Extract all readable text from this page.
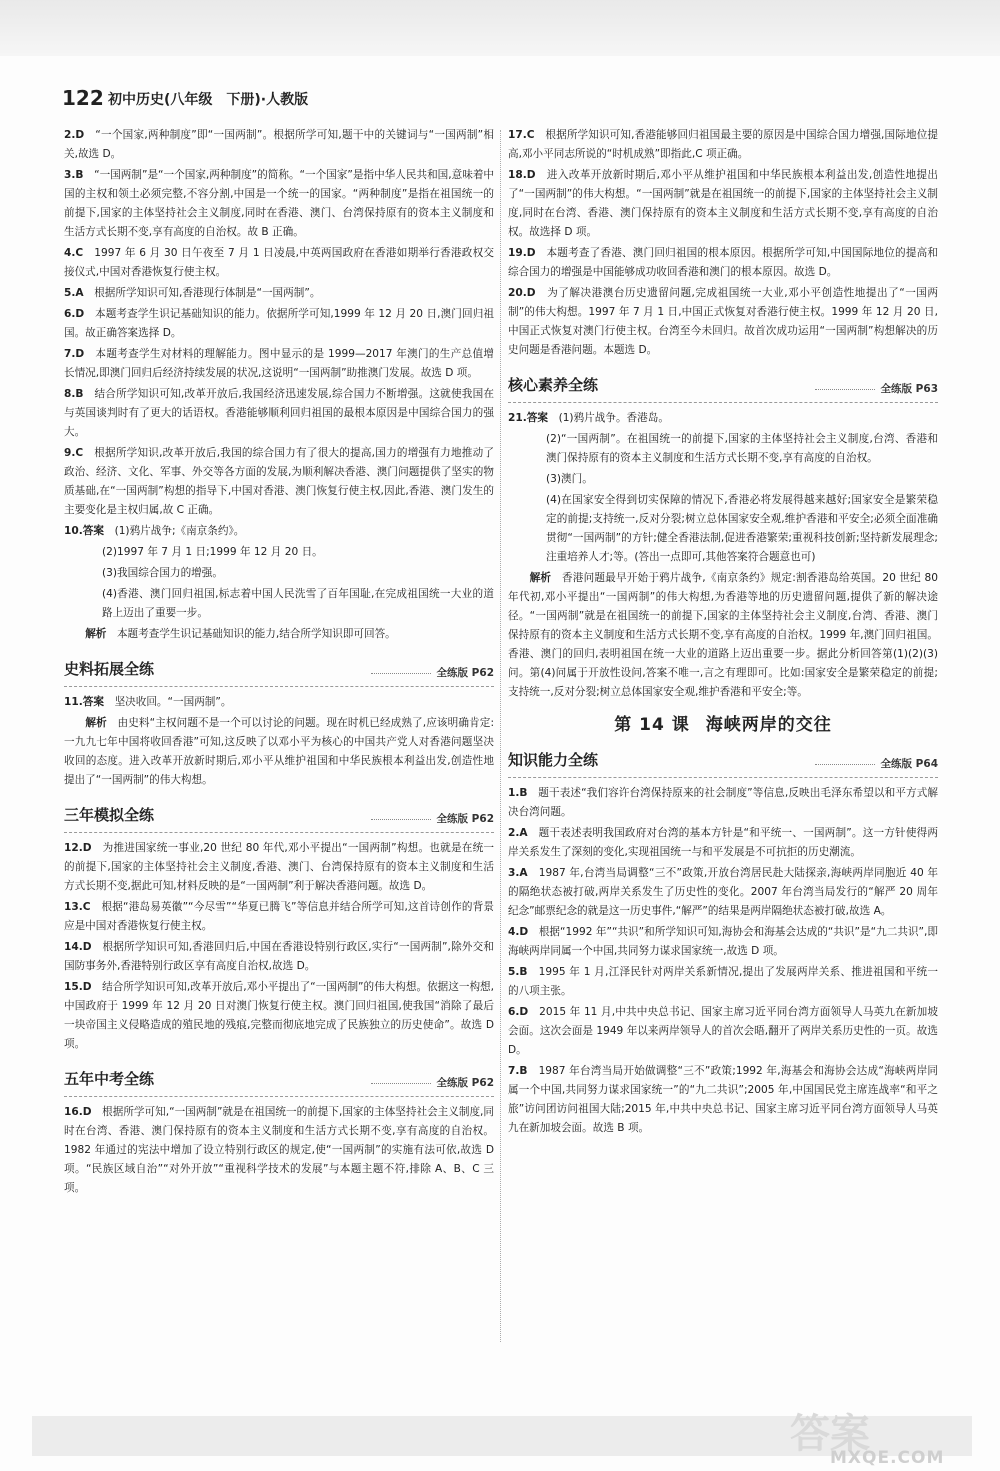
122 初中历史(八年级　下册)·人教版
2.D　 “一个国家,两种制度”即“一国两制”。根据所学可知,题干中的关键词与“一国两制”相关,故选 D。
3.B　 “一国两制”是“一个国家,两种制度”的简称。“一个国家”是指中华人民共和国,意味着中国的主权和领土必须完整,不容分割,中国是一个统一的国家。“两种制度”是指在祖国统一的前提下,国家的主体坚持社会主义制度,同时在香港、澳门、台湾保持原有的资本主义制度和生活方式长期不变,享有高度的自治权。故 B 正确。
4.C　 1997 年 6 月 30 日午夜至 7 月 1 日凌晨,中英两国政府在香港如期举行香港政权交接仪式,中国对香港恢复行使主权。
5.A　 根据所学知识可知,香港现行体制是“一国两制”。
6.D　 本题考查学生识记基础知识的能力。依据所学可知,1999 年 12 月 20 日,澳门回归祖国。故正确答案选择 D。
7.D　 本题考查学生对材料的理解能力。图中显示的是 1999—2017 年澳门的生产总值增长情况,即澳门回归后经济持续发展的状况,这说明“一国两制”助推澳门发展。故选 D 项。
8.B　 结合所学知识可知,改革开放后,我国经济迅速发展,综合国力不断增强。这就使我国在与英国谈判时有了更大的话语权。香港能够顺利回归祖国的最根本原因是中国综合国力的强大。
9.C　 根据所学知识,改革开放后,我国的综合国力有了很大的提高,国力的增强有力地推动了政治、经济、文化、军事、外交等各方面的发展,为顺利解决香港、澳门问题提供了坚实的物质基础,在“一国两制”构想的指导下,中国对香港、澳门恢复行使主权,因此,香港、澳门发生的主要变化是主权归属,故 C 正确。
10.答案　 (1)鸦片战争;《南京条约》。
(2)1997 年 7 月 1 日;1999 年 12 月 20 日。
(3)我国综合国力的增强。
(4)香港、澳门回归祖国,标志着中国人民洗雪了百年国耻,在完成祖国统一大业的道路上迈出了重要一步。
　　解析　 本题考查学生识记基础知识的能力,结合所学知识即可回答。
史料拓展全练	全练版 P62
11.答案　 坚决收回。“一国两制”。
　　解析　 由史料“主权问题不是一个可以讨论的问题。现在时机已经成熟了,应该明确肯定:一九九七年中国将收回香港”可知,这反映了以邓小平为核心的中国共产党人对香港问题坚决收回的态度。进入改革开放新时期后,邓小平从维护祖国和中华民族根本利益出发,创造性地提出了“一国两制”的伟大构想。
三年模拟全练	全练版 P62
12.D　 为推进国家统一事业,20 世纪 80 年代,邓小平提出“一国两制”构想。也就是在统一的前提下,国家的主体坚持社会主义制度,香港、澳门、台湾保持原有的资本主义制度和生活方式长期不变,据此可知,材料反映的是“一国两制”利于解决香港问题。故选 D。
13.C　 根据“港岛易英徽”“今尽雪”“华夏已腾飞”等信息并结合所学可知,这首诗创作的背景应是中国对香港恢复行使主权。
14.D　 根据所学知识可知,香港回归后,中国在香港设特别行政区,实行“一国两制”,除外交和国防事务外,香港特别行政区享有高度自治权,故选 D。
15.D　 结合所学知识可知,改革开放后,邓小平提出了“一国两制”的伟大构想。依据这一构想,中国政府于 1999 年 12 月 20 日对澳门恢复行使主权。澳门回归祖国,使我国“消除了最后一块帝国主义侵略造成的殖民地的残痕,完整而彻底地完成了民族独立的历史使命”。故选 D 项。
五年中考全练	全练版 P62
16.D　 根据所学可知,“一国两制”就是在祖国统一的前提下,国家的主体坚持社会主义制度,同时在台湾、香港、澳门保持原有的资本主义制度和生活方式长期不变,享有高度的自治权。1982 年通过的宪法中增加了设立特别行政区的规定,使“一国两制”的实施有法可依,故选 D 项。“民族区域自治”“对外开放”“重视科学技术的发展”与本题主题不符,排除 A、B、C 三项。
17.C　 根据所学知识可知,香港能够回归祖国最主要的原因是中国综合国力增强,国际地位提高,邓小平同志所说的“时机成熟”即指此,C 项正确。
18.D　 进入改革开放新时期后,邓小平从维护祖国和中华民族根本利益出发,创造性地提出了“一国两制”的伟大构想。“一国两制”就是在祖国统一的前提下,国家的主体坚持社会主义制度,同时在台湾、香港、澳门保持原有的资本主义制度和生活方式长期不变,享有高度的自治权。故选择 D 项。
19.D　 本题考查了香港、澳门回归祖国的根本原因。根据所学可知,中国国际地位的提高和综合国力的增强是中国能够成功收回香港和澳门的根本原因。故选 D。
20.D　 为了解决港澳台历史遗留问题,完成祖国统一大业,邓小平创造性地提出了“一国两制”的伟大构想。1997 年 7 月 1 日,中国正式恢复对香港行使主权。1999 年 12 月 20 日,中国正式恢复对澳门行使主权。台湾至今未回归。故首次成功运用“一国两制”构想解决的历史问题是香港问题。本题选 D。
核心素养全练	全练版 P63
21.答案　 (1)鸦片战争。香港岛。
(2)“一国两制”。在祖国统一的前提下,国家的主体坚持社会主义制度,台湾、香港和澳门保持原有的资本主义制度和生活方式长期不变,享有高度的自治权。
(3)澳门。
(4)在国家安全得到切实保障的情况下,香港必将发展得越来越好;国家安全是繁荣稳定的前提;支持统一,反对分裂;树立总体国家安全观,维护香港和平安全;必须全面准确贯彻“一国两制”的方针;健全香港法制,促进香港繁荣;重视科技创新;坚持新发展理念;注重培养人才;等。(答出一点即可,其他答案符合题意也可)
　　解析　 香港问题最早开始于鸦片战争,《南京条约》规定:割香港岛给英国。20 世纪 80 年代初,邓小平提出“一国两制”的伟大构想,为香港等地的历史遗留问题,提供了新的解决途径。“一国两制”就是在祖国统一的前提下,国家的主体坚持社会主义制度,台湾、香港、澳门保持原有的资本主义制度和生活方式长期不变,享有高度的自治权。1999 年,澳门回归祖国。香港、澳门的回归,表明祖国在统一大业的道路上迈出重要一步。据此分析回答第(1)(2)(3)问。第(4)问属于开放性设问,答案不唯一,言之有理即可。比如:国家安全是繁荣稳定的前提;支持统一,反对分裂;树立总体国家安全观,维护香港和平安全;等。
第 14 课 海峡两岸的交往
知识能力全练	全练版 P64
1.B　 题干表述“我们容许台湾保持原来的社会制度”等信息,反映出毛泽东希望以和平方式解决台湾问题。
2.A　 题干表述表明我国政府对台湾的基本方针是“和平统一、一国两制”。这一方针使得两岸关系发生了深刻的变化,实现祖国统一与和平发展是不可抗拒的历史潮流。
3.A　 1987 年,台湾当局调整“三不”政策,开放台湾居民赴大陆探亲,海峡两岸同胞近 40 年的隔绝状态被打破,两岸关系发生了历史性的变化。2007 年台湾当局发行的“解严 20 周年纪念”邮票纪念的就是这一历史事件,“解严”的结果是两岸隔绝状态被打破,故选 A。
4.D　 根据“1992 年”“共识”和所学知识可知,海协会和海基会达成的“共识”是“九二共识”,即海峡两岸同属一个中国,共同努力谋求国家统一,故选 D 项。
5.B　 1995 年 1 月,江泽民针对两岸关系新情况,提出了发展两岸关系、推进祖国和平统一的八项主张。
6.D　 2015 年 11 月,中共中央总书记、国家主席习近平同台湾方面领导人马英九在新加坡会面。这次会面是 1949 年以来两岸领导人的首次会晤,翻开了两岸关系历史性的一页。故选 D。
7.B　 1987 年台湾当局开始做调整“三不”政策;1992 年,海基会和海协会达成“海峡两岸同属一个中国,共同努力谋求国家统一”的“九二共识”;2005 年,中国国民党主席连战率“和平之旅”访问团访问祖国大陆;2015 年,中共中央总书记、国家主席习近平同台湾方面领导人马英九在新加坡会面。故选 B 项。
答案
MXQE.COM
